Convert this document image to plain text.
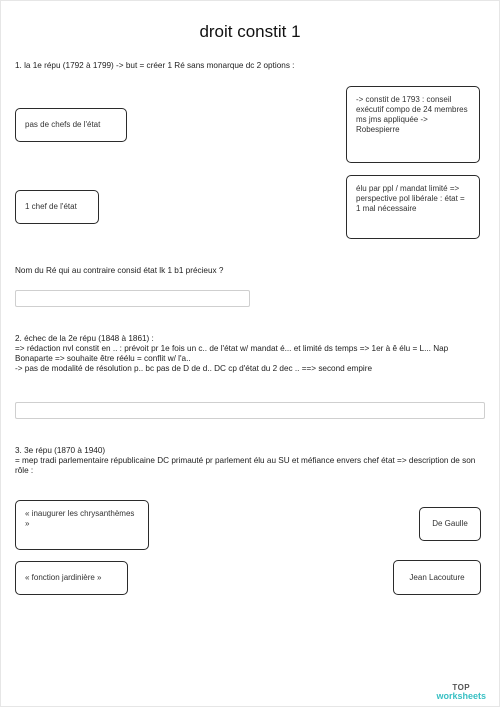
droit constit 1
1. la 1e répu (1792 à 1799) -> but = créer 1 Ré sans monarque dc 2 options :
pas de chefs de l'état
-> constit de 1793 : conseil exécutif compo de 24 membres ms jms appliquée -> Robespierre
1 chef de l'état
élu par ppl / mandat limité => perspective pol libérale : état = 1 mal nécessaire
Nom du Ré qui au contraire consid état lk 1 b1 précieux ?
2. échec de la 2e répu (1848 à 1861) :
=> rédaction nvl constit en .. : prévoit pr 1e fois un c.. de l'état w/ mandat é... et limité ds temps => 1er à ê élu = L... Nap Bonaparte => souhaite être réélu = conflit w/ l'a..
-> pas de modalité de résolution p.. bc pas de D de d.. DC cp d'état du 2 dec .. ==> second empire
3. 3e répu (1870 à 1940)
= mep tradi parlementaire républicaine DC primauté pr parlement élu au SU et méfiance envers chef état => description de son rôle :
« inaugurer les chrysanthèmes »	De Gaulle
« fonction jardinière »	Jean Lacouture
TOP
worksheets
